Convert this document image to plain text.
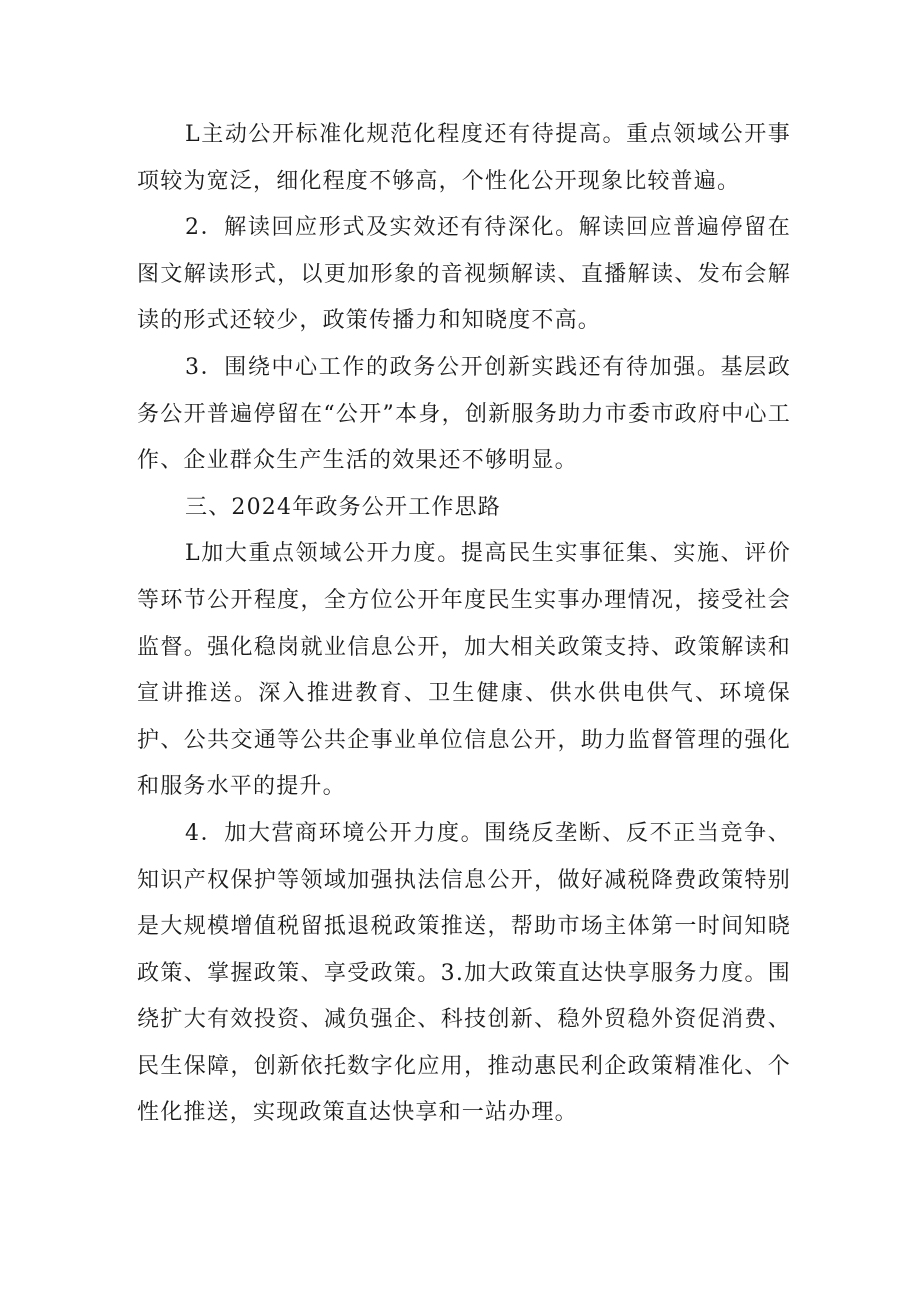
L主动公开标准化规范化程度还有待提高。重点领域公开事项较为宽泛，细化程度不够高，个性化公开现象比较普遍。

2．解读回应形式及实效还有待深化。解读回应普遍停留在图文解读形式，以更加形象的音视频解读、直播解读、发布会解读的形式还较少，政策传播力和知晓度不高。

3．围绕中心工作的政务公开创新实践还有待加强。基层政务公开普遍停留在“公开”本身，创新服务助力市委市政府中心工作、企业群众生产生活的效果还不够明显。

三、2024年政务公开工作思路

L加大重点领域公开力度。提高民生实事征集、实施、评价等环节公开程度，全方位公开年度民生实事办理情况，接受社会监督。强化稳岗就业信息公开，加大相关政策支持、政策解读和宣讲推送。深入推进教育、卫生健康、供水供电供气、环境保护、公共交通等公共企事业单位信息公开，助力监督管理的强化和服务水平的提升。

4．加大营商环境公开力度。围绕反垄断、反不正当竞争、知识产权保护等领域加强执法信息公开，做好减税降费政策特别是大规模增值税留抵退税政策推送，帮助市场主体第一时间知晓政策、掌握政策、享受政策。3.加大政策直达快享服务力度。围绕扩大有效投资、减负强企、科技创新、稳外贸稳外资促消费、民生保障，创新依托数字化应用，推动惠民利企政策精准化、个性化推送，实现政策直达快享和一站办理。
